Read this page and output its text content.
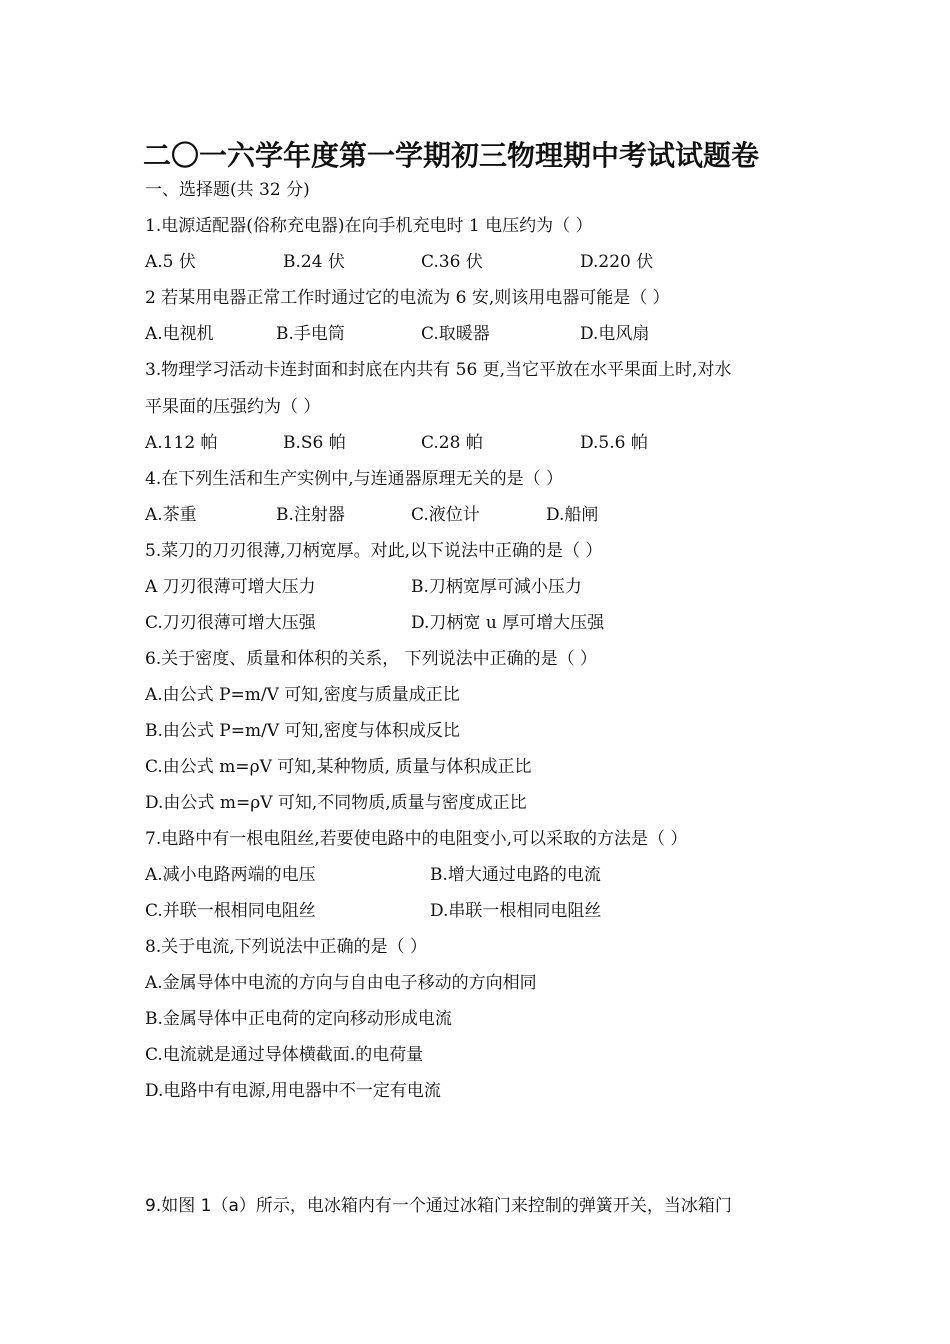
二〇一六学年度第一学期初三物理期中考试试题卷
一、选择题(共 32 分)
1.电源适配器(俗称充电器)在向手机充电时 1 电压约为（ ）
A.5 伏	B.24 伏	C.36 伏	D.220 伏
2 若某用电器正常工作时通过它的电流为 6 安,则该用电器可能是（ ）
A.电视机	B.手电筒	C.取暖器	D.电风扇
3.物理学习活动卡连封面和封底在内共有 56 更,当它平放在水平果面上时,对水
平果面的压强约为（ ）
A.112 帕	B.S6 帕	C.28 帕	D.5.6 帕
4.在下列生活和生产实例中,与连通器原理无关的是（ ）
A.茶重	B.注射器	C.液位计	D.船闸
5.菜刀的刀刃很薄,刀柄宽厚。对此,以下说法中正确的是（ ）
A 刀刃很薄可增大压力	B.刀柄宽厚可減小压力
C.刀刃很薄可增大压强	D.刀柄宽 u 厚可增大压强
6.关于密度、质量和体积的关系， 下列说法中正确的是（ ）
A.由公式 P=m/V 可知,密度与质量成正比
B.由公式 P=m/V 可知,密度与体积成反比
C.由公式 m=ρV 可知,某种物质, 质量与体积成正比
D.由公式 m=ρV 可知,不同物质,质量与密度成正比
7.电路中有一根电阻丝,若要使电路中的电阻变小,可以采取的方法是（ ）
A.减小电路两端的电压	B.增大通过电路的电流
C.并联一根相同电阻丝	D.串联一根相同电阻丝
8.关于电流,下列说法中正确的是（ ）
A.金属导体中电流的方向与自由电子移动的方向相同
B.金属导体中正电荷的定向移动形成电流
C.电流就是通过导体横截面.的电荷量
D.电路中有电源,用电器中不一定有电流
9.如图 1（a）所示，电冰箱内有一个通过冰箱门来控制的弹簧开关，当冰箱门
